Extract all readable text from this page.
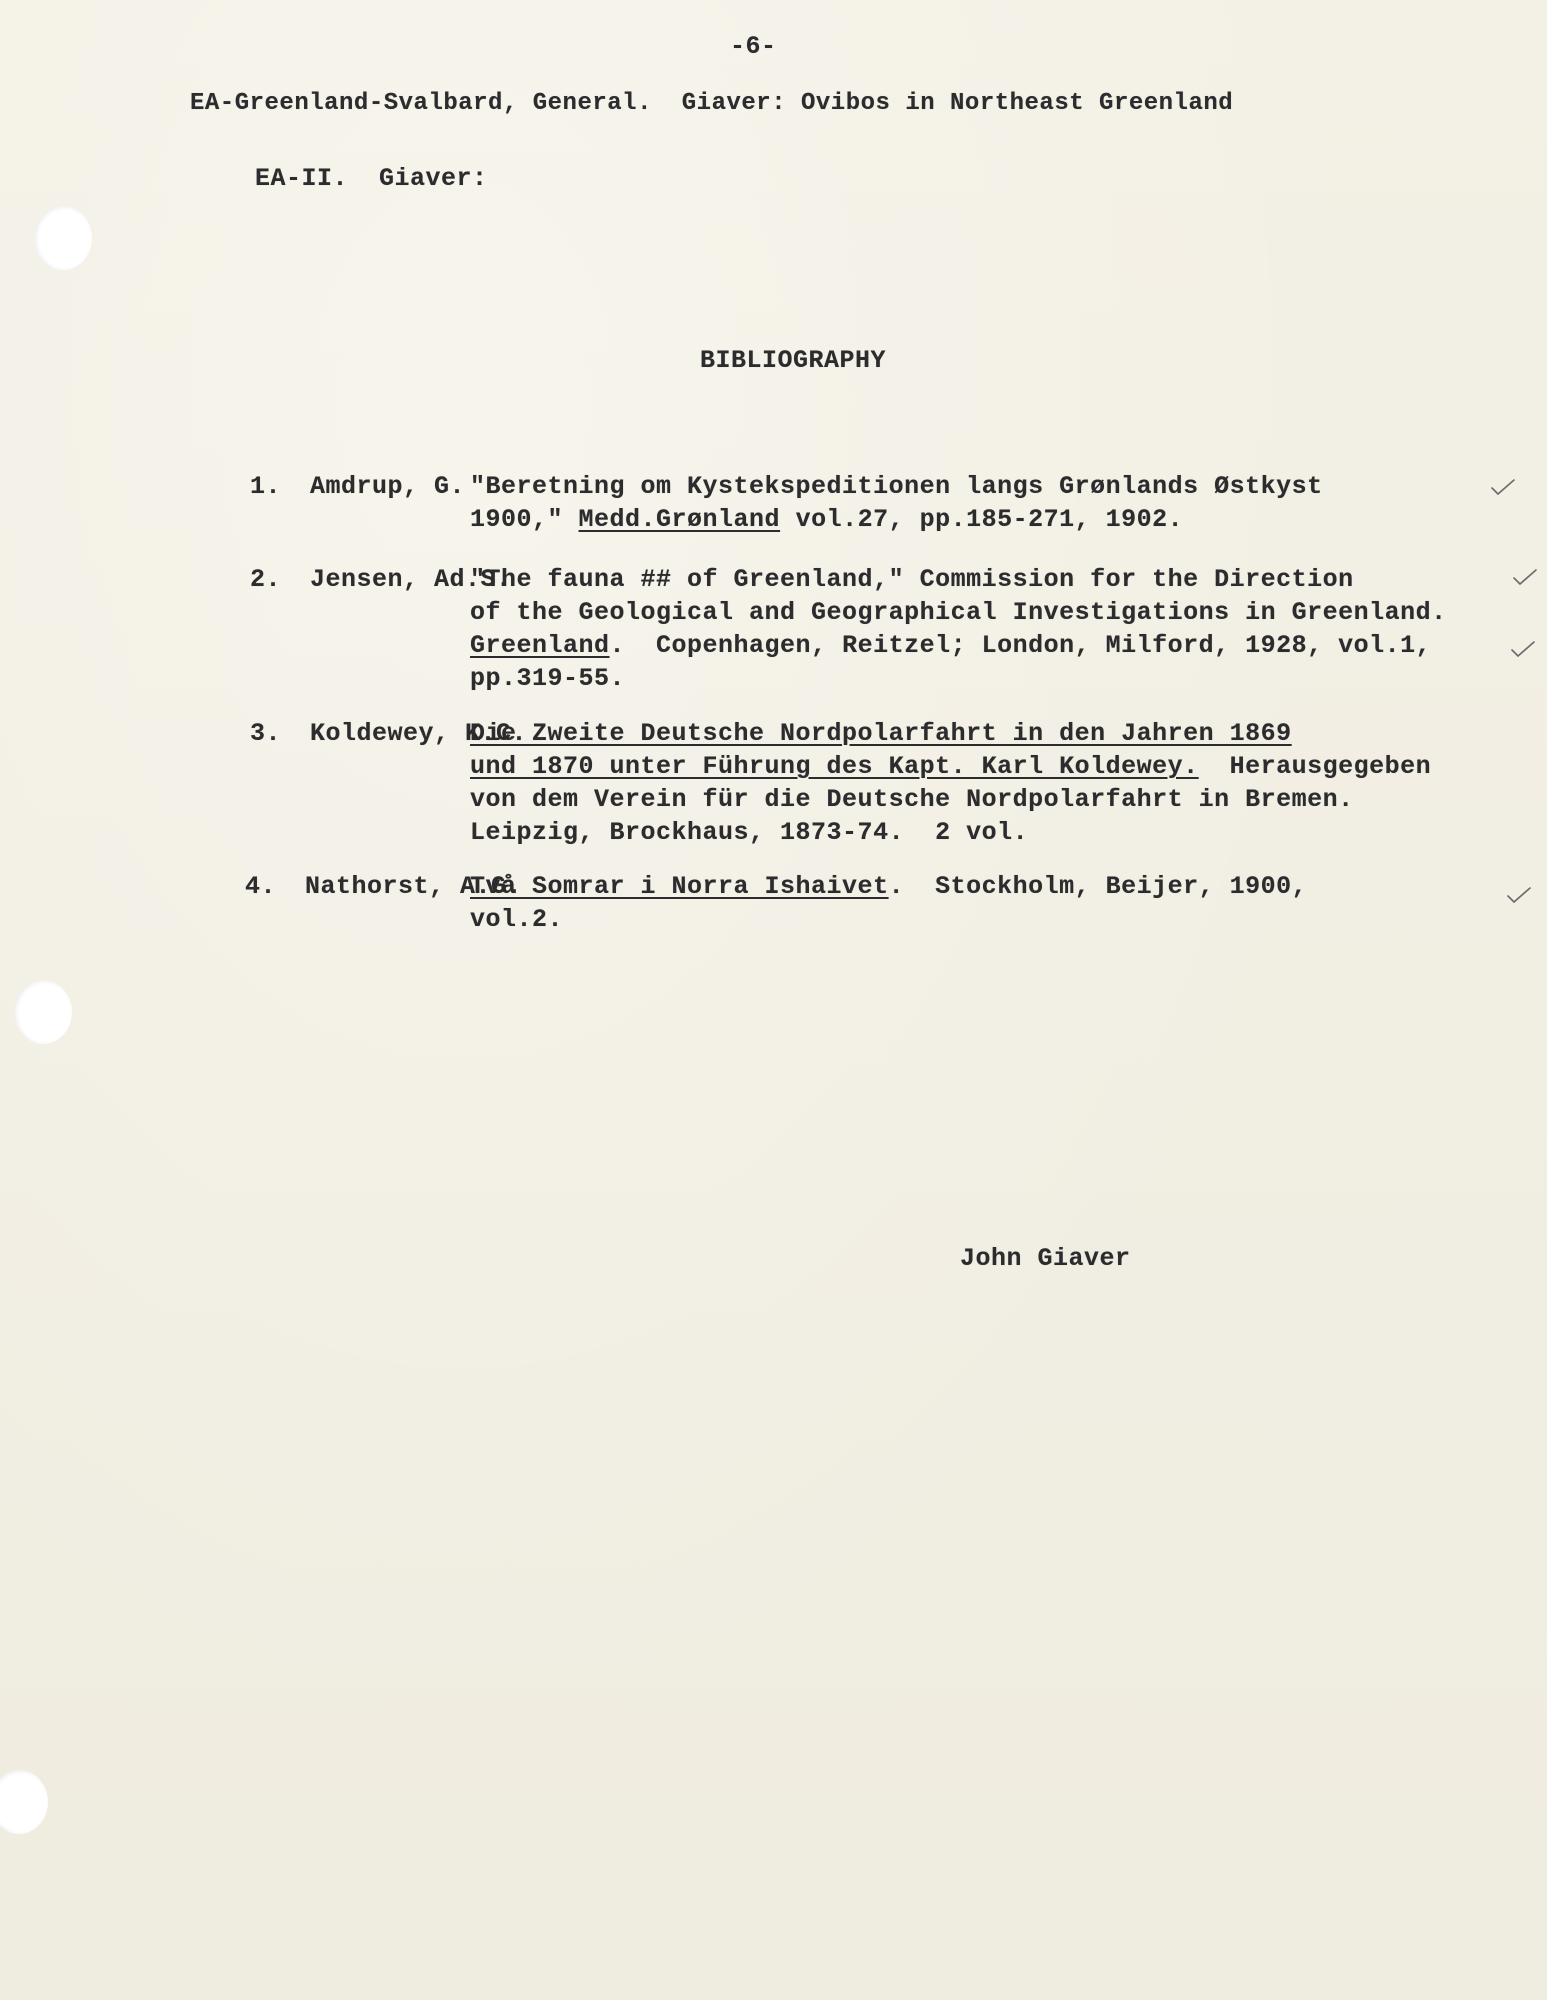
-6-
EA-Greenland-Svalbard, General.  Giaver: Ovibos in Northeast Greenland
EA-II.  Giaver:
BIBLIOGRAPHY
1.	Amdrup, G. "Beretning om Kystekspeditionen langs Grønlands Østkyst
1900," Medd.Grønland vol.27, pp.185-271, 1902.
2.	Jensen, Ad.S.
"The fauna ## of Greenland," Commission for the Direction
of the Geological and Geographical Investigations in Greenland.
Greenland.  Copenhagen, Reitzel; London, Milford, 1928, vol.1,
pp.319-55.
3.	Koldewey, K.C.
Die Zweite Deutsche Nordpolarfahrt in den Jahren 1869
und 1870 unter Führung des Kapt. Karl Koldewey.  Herausgegeben
von dem Verein für die Deutsche Nordpolarfahrt in Bremen.
Leipzig, Brockhaus, 1873-74.  2 vol.
4.	Nathorst, A.G.
Två Somrar i Norra Ishaivet.  Stockholm, Beijer, 1900,
vol.2.
John Giaver
